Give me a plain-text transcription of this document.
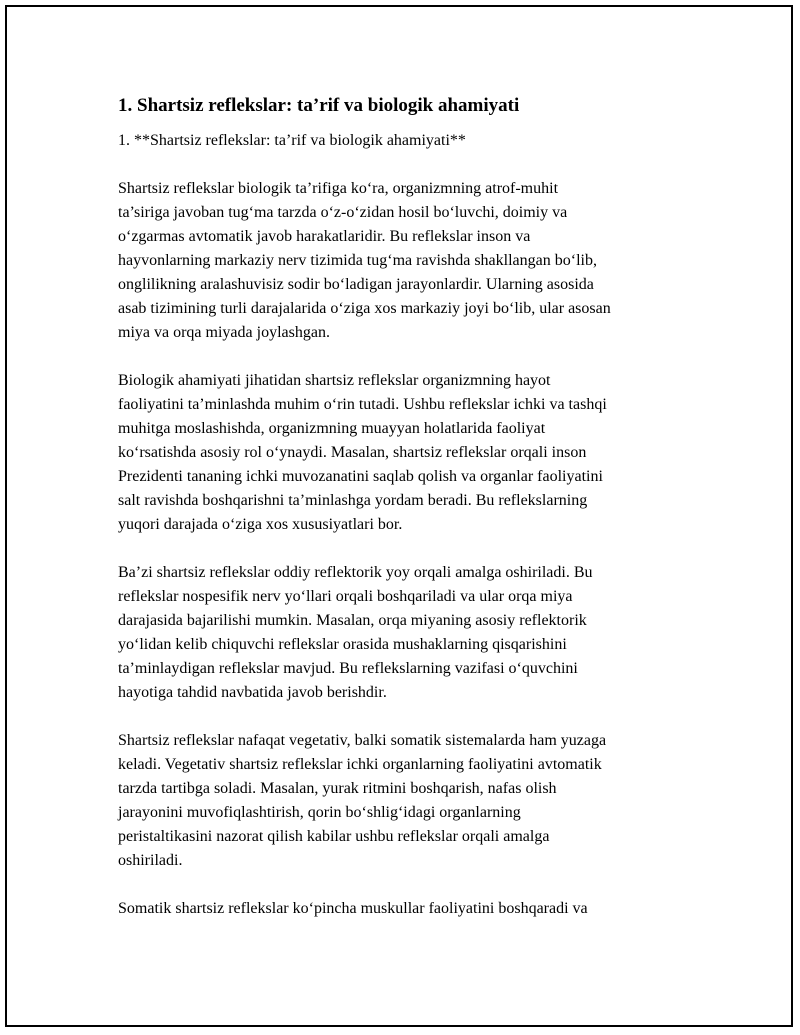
1. Shartsiz reflekslar: ta’rif va biologik ahamiyati
1. **Shartsiz reflekslar: ta’rif va biologik ahamiyati**
Shartsiz reflekslar biologik ta’rifiga ko‘ra, organizmning atrof-muhit
ta’siriga javoban tug‘ma tarzda o‘z-o‘zidan hosil bo‘luvchi, doimiy va
o‘zgarmas avtomatik javob harakatlaridir. Bu reflekslar inson va
hayvonlarning markaziy nerv tizimida tug‘ma ravishda shakllangan bo‘lib,
onglilikning aralashuvisiz sodir bo‘ladigan jarayonlardir. Ularning asosida
asab tizimining turli darajalarida o‘ziga xos markaziy joyi bo‘lib, ular asosan
miya va orqa miyada joylashgan.
Biologik ahamiyati jihatidan shartsiz reflekslar organizmning hayot
faoliyatini ta’minlashda muhim o‘rin tutadi. Ushbu reflekslar ichki va tashqi
muhitga moslashishda, organizmning muayyan holatlarida faoliyat
ko‘rsatishda asosiy rol o‘ynaydi. Masalan, shartsiz reflekslar orqali inson
Prezidenti tananing ichki muvozanatini saqlab qolish va organlar faoliyatini
salt ravishda boshqarishni ta’minlashga yordam beradi. Bu reflekslarning
yuqori darajada o‘ziga xos xususiyatlari bor.
Ba’zi shartsiz reflekslar oddiy reflektorik yoy orqali amalga oshiriladi. Bu
reflekslar nospesifik nerv yo‘llari orqali boshqariladi va ular orqa miya
darajasida bajarilishi mumkin. Masalan, orqa miyaning asosiy reflektorik
yo‘lidan kelib chiquvchi reflekslar orasida mushaklarning qisqarishini
ta’minlaydigan reflekslar mavjud. Bu reflekslarning vazifasi o‘quvchini
hayotiga tahdid navbatida javob berishdir.
Shartsiz reflekslar nafaqat vegetativ, balki somatik sistemalarda ham yuzaga
keladi. Vegetativ shartsiz reflekslar ichki organlarning faoliyatini avtomatik
tarzda tartibga soladi. Masalan, yurak ritmini boshqarish, nafas olish
jarayonini muvofiqlashtirish, qorin bo‘shlig‘idagi organlarning
peristaltikasini nazorat qilish kabilar ushbu reflekslar orqali amalga
oshiriladi.
Somatik shartsiz reflekslar ko‘pincha muskullar faoliyatini boshqaradi va
